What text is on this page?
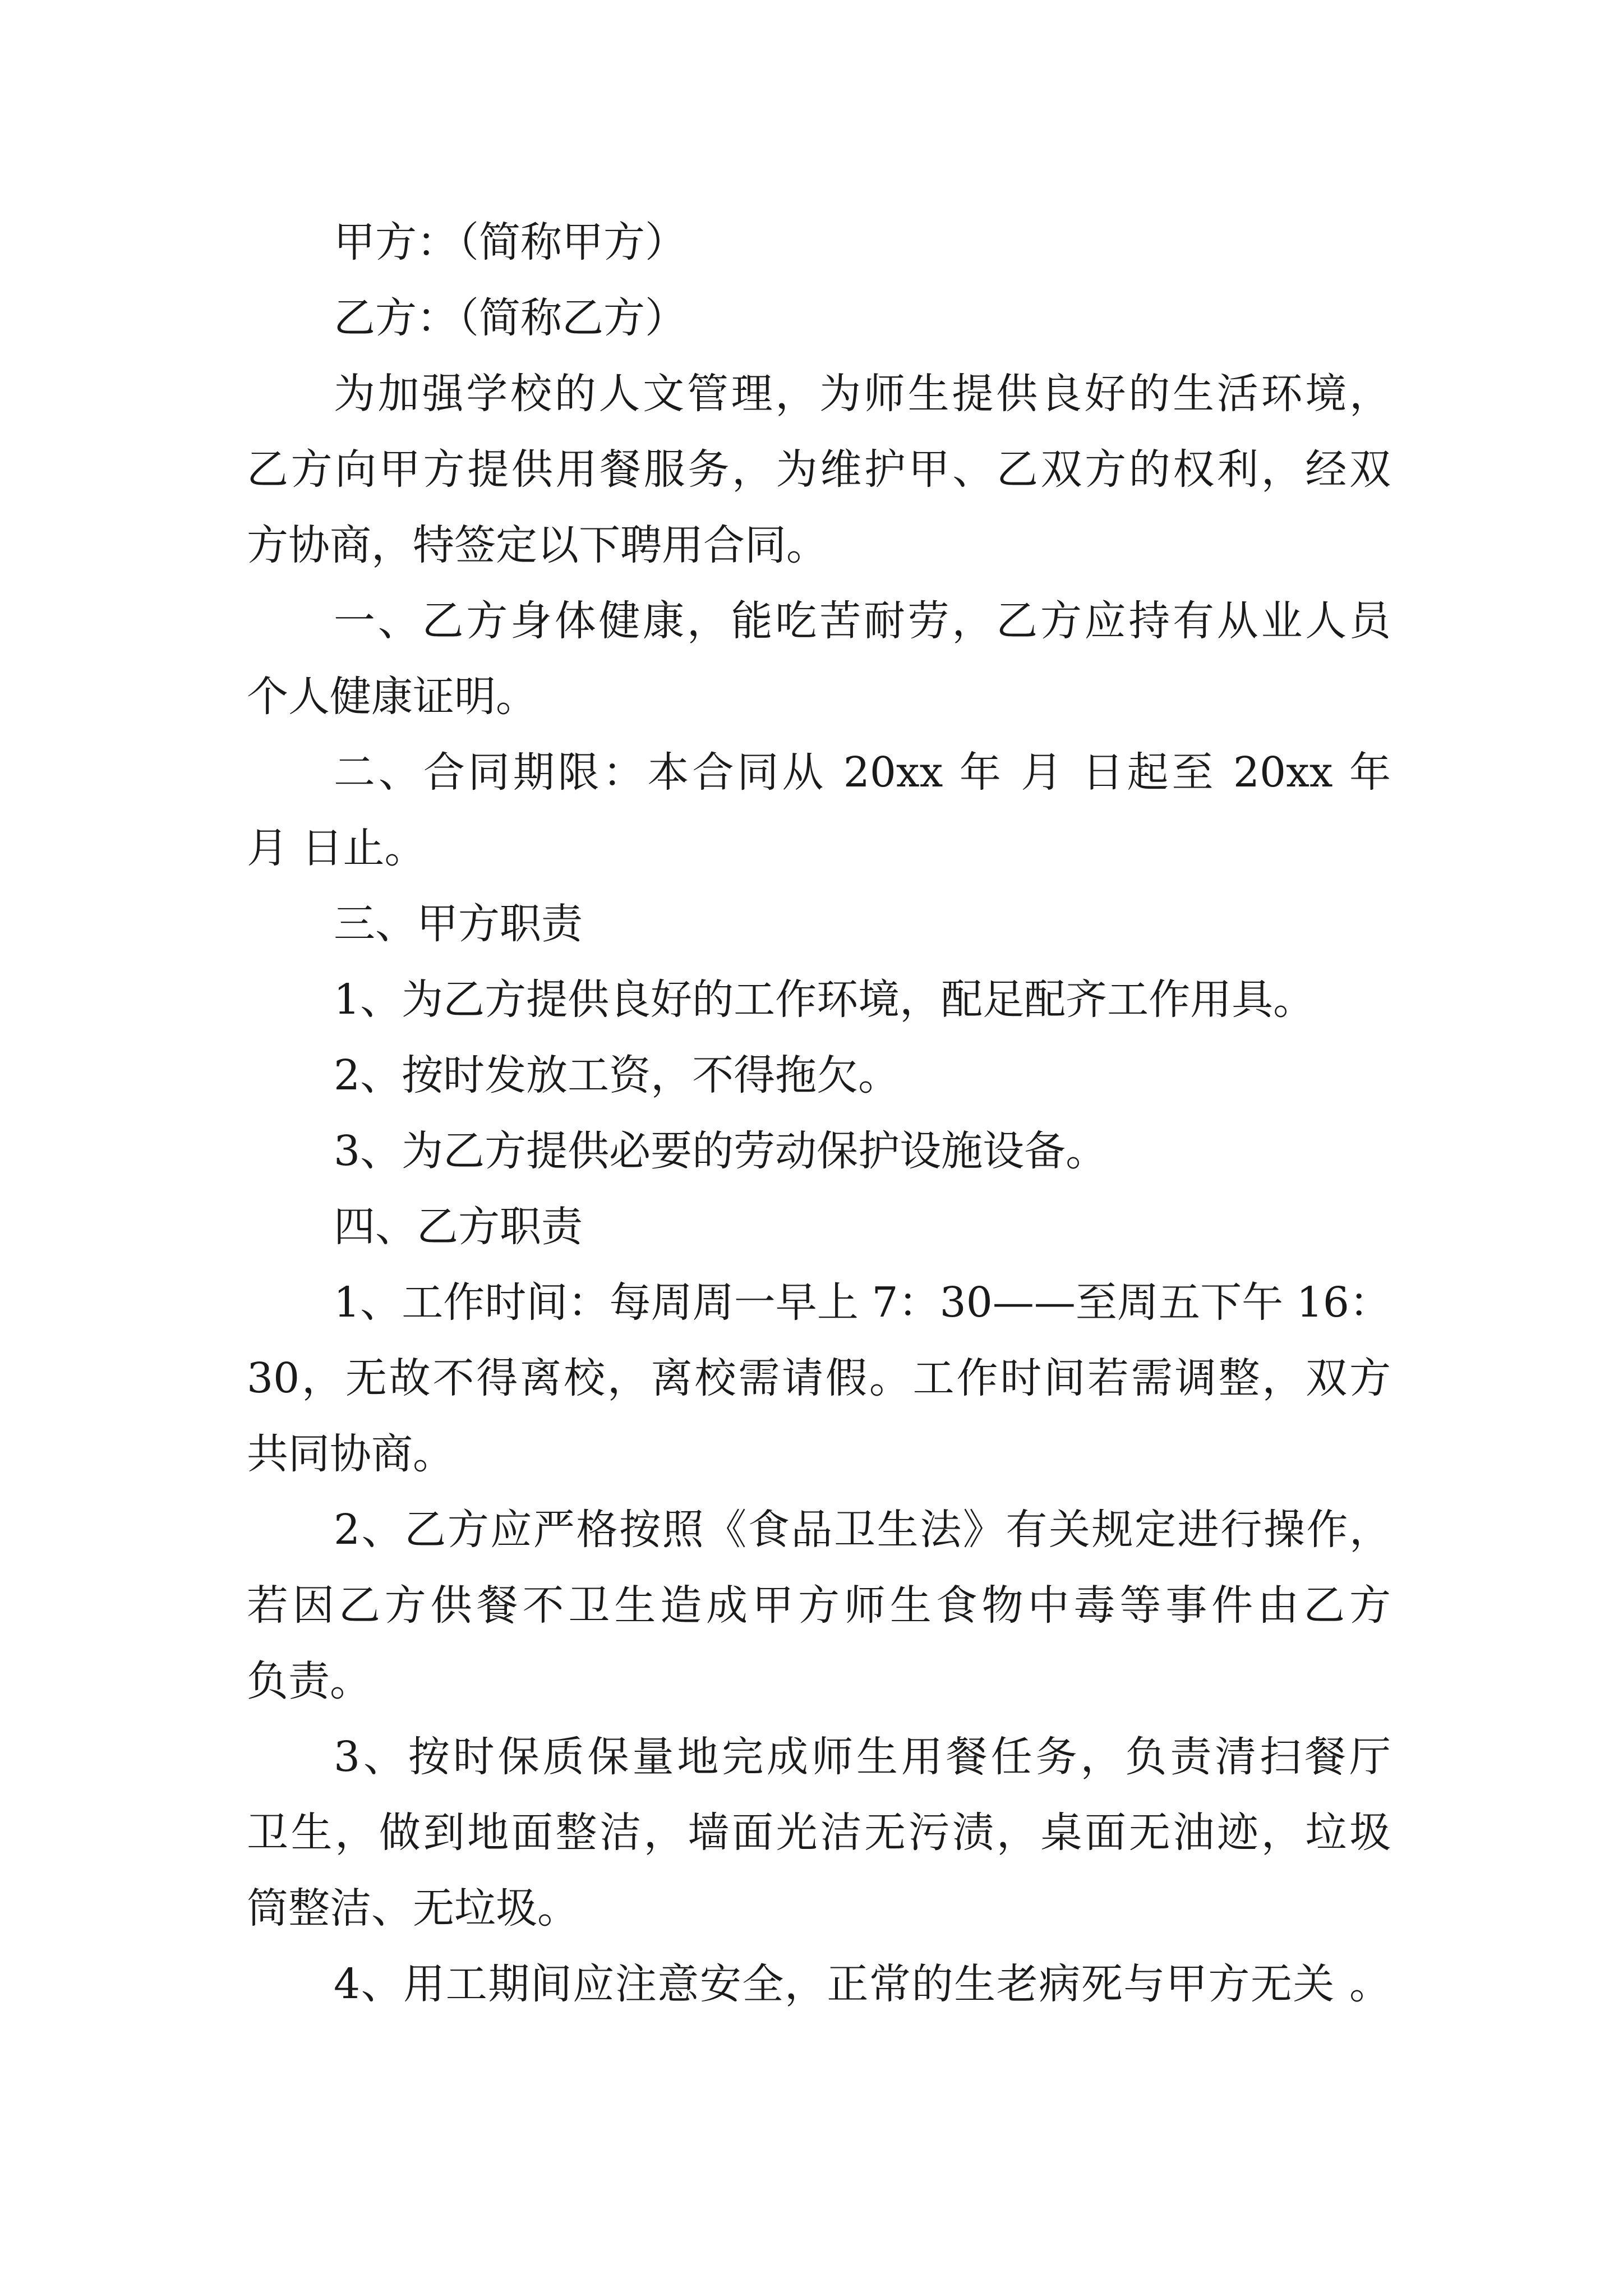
甲方：（简称甲方）
乙方：（简称乙方）
为加强学校的人文管理，为师生提供良好的生活环境，
乙方向甲方提供用餐服务，为维护甲、乙双方的权利，经双
方协商，特签定以下聘用合同。
一、乙方身体健康，能吃苦耐劳，乙方应持有从业人员
个人健康证明。
二、合同期限：本合同从 20xx 年 月 日起至 20xx 年
月 日止。
三、甲方职责
1、为乙方提供良好的工作环境，配足配齐工作用具。
2、按时发放工资，不得拖欠。
3、为乙方提供必要的劳动保护设施设备。
四、乙方职责
1、工作时间：每周周一早上 7：30——至周五下午 16：
30，无故不得离校，离校需请假。工作时间若需调整，双方
共同协商。
2、乙方应严格按照《食品卫生法》有关规定进行操作，
若因乙方供餐不卫生造成甲方师生食物中毒等事件由乙方
负责。
3、按时保质保量地完成师生用餐任务，负责清扫餐厅
卫生，做到地面整洁，墙面光洁无污渍，桌面无油迹，垃圾
筒整洁、无垃圾。
4、用工期间应注意安全，正常的生老病死与甲方无关 。
